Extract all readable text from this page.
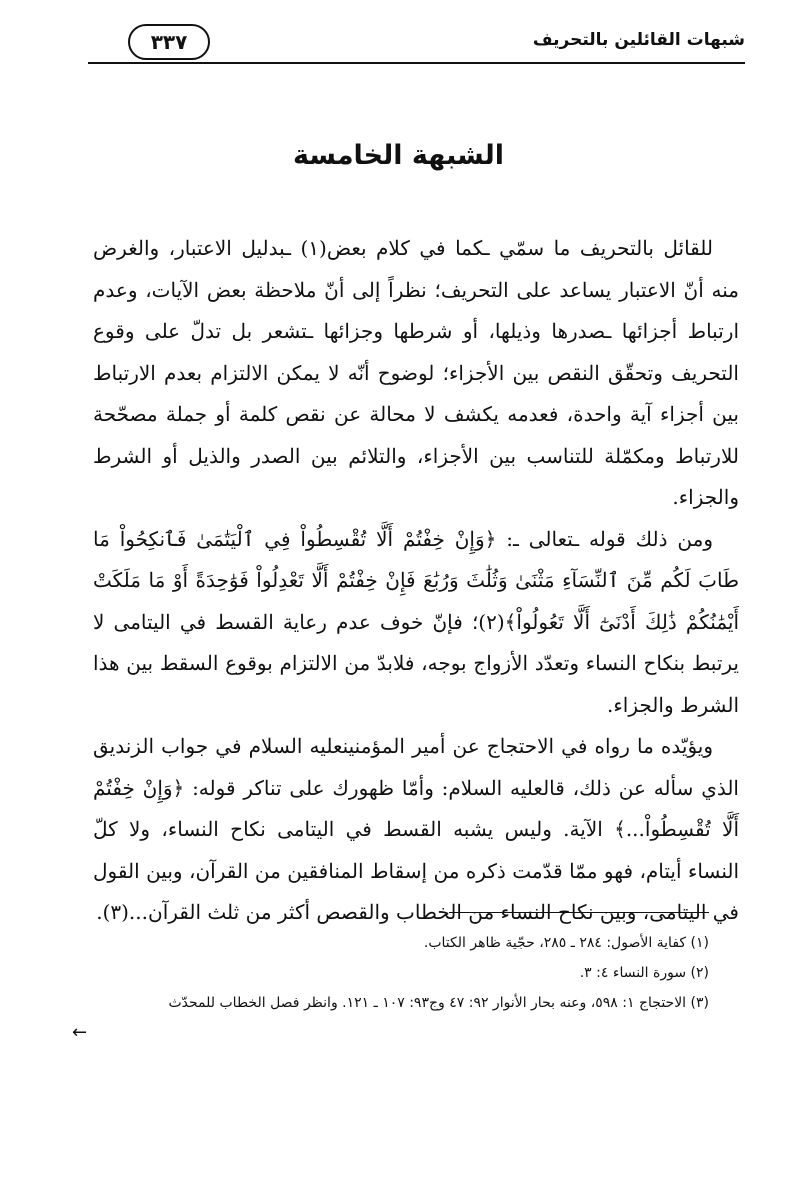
شبهات القائلين بالتحريف
٣٣٧
الشبهة الخامسة

للقائل بالتحريف ما سمّي ـكما في كلام بعض(١) ـبدليل الاعتبار، والغرض منه أنّ الاعتبار يساعد على التحريف؛ نظراً إلى أنّ ملاحظة بعض الآيات، وعدم ارتباط أجزائها ـصدرها وذيلها، أو شرطها وجزائها ـتشعر بل تدلّ على وقوع التحريف وتحقّق النقص بين الأجزاء؛ لوضوح أنّه لا يمكن الالتزام بعدم الارتباط بين أجزاء آية واحدة، فعدمه يكشف لا محالة عن نقص كلمة أو جملة مصحّحة للارتباط ومكمّلة للتناسب بين الأجزاء، والتلائم بين الصدر والذيل أو الشرط والجزاء.

ومن ذلك قوله ـتعالى ـ: ﴿وَإِنْ خِفْتُمْ أَلَّا تُقْسِطُواْ فِي ٱلْيَتَٰمَىٰ فَٱنكِحُواْ مَا طَابَ لَكُم مِّنَ ٱلنِّسَآءِ مَثْنَىٰ وَثُلَٰثَ وَرُبَٰعَ فَإِنْ خِفْتُمْ أَلَّا تَعْدِلُواْ فَوَٰحِدَةً أَوْ مَا مَلَكَتْ أَيْمَٰنُكُمْ ذَٰلِكَ أَدْنَىٰٓ أَلَّا تَعُولُواْ﴾(٢)؛ فإنّ خوف عدم رعاية القسط في اليتامى لا يرتبط بنكاح النساء وتعدّد الأزواج بوجه، فلابدّ من الالتزام بوقوع السقط بين هذا الشرط والجزاء.

ويؤيّده ما رواه في الاحتجاج عن أمير المؤمنينعليه السلام في جواب الزنديق الذي سأله عن ذلك، قالعليه السلام: وأمّا ظهورك على تناكر قوله: ﴿وَإِنْ خِفْتُمْ أَلَّا تُقْسِطُواْ...﴾ الآية. وليس يشبه القسط في اليتامى نكاح النساء، ولا كلّ النساء أيتام، فهو ممّا قدّمت ذكره من إسقاط المنافقين من القرآن، وبين القول في اليتامى، وبين نكاح النساء من الخطاب والقصص أكثر من ثلث القرآن...(٣).

(١) كفاية الأصول: ٢٨٤ ـ ٢٨٥، حجّية ظاهر الكتاب.
(٢) سورة النساء ٤: ٣.
(٣) الاحتجاج ١: ٥٩٨، وعنه بحار الأنوار ٩٢: ٤٧ وج٩٣: ١٠٧ ـ ١٢١. وانظر فصل الخطاب للمحدّث
←
